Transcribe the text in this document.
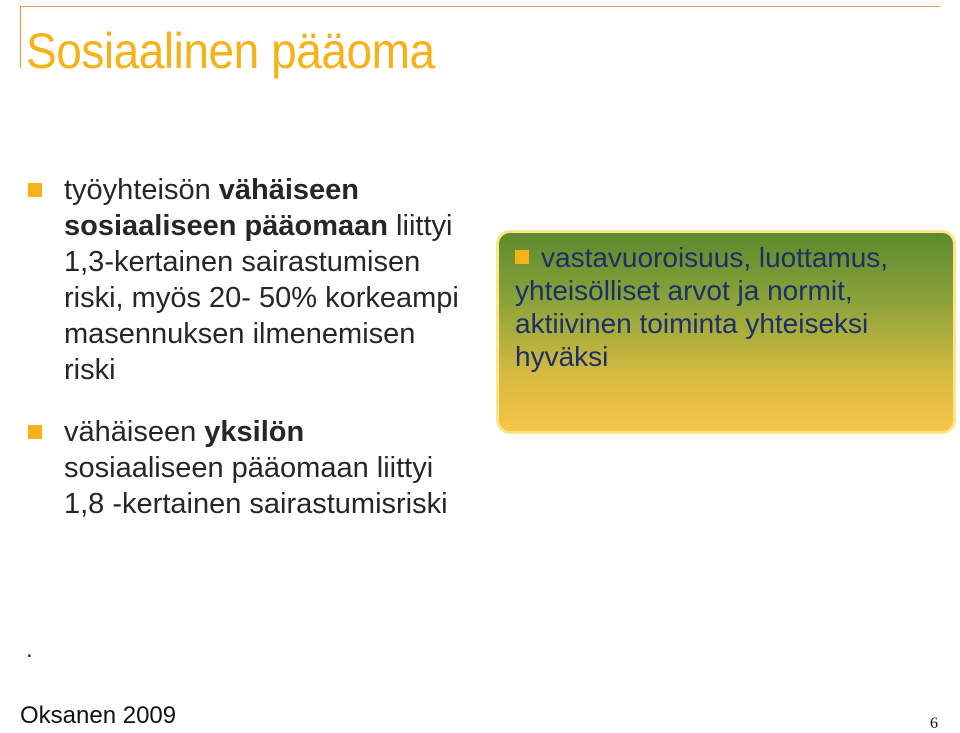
Sosiaalinen pääoma
työyhteisön vähäiseen sosiaaliseen pääomaan liittyi 1,3-kertainen sairastumisen riski, myös 20- 50% korkeampi masennuksen ilmenemisen riski
vähäiseen yksilön sosiaaliseen pääomaan liittyi 1,8 -kertainen sairastumisriski
vastavuoroisuus, luottamus, yhteisölliset arvot ja normit, aktiivinen toiminta yhteiseksi hyväksi
.
Oksanen 2009	6
